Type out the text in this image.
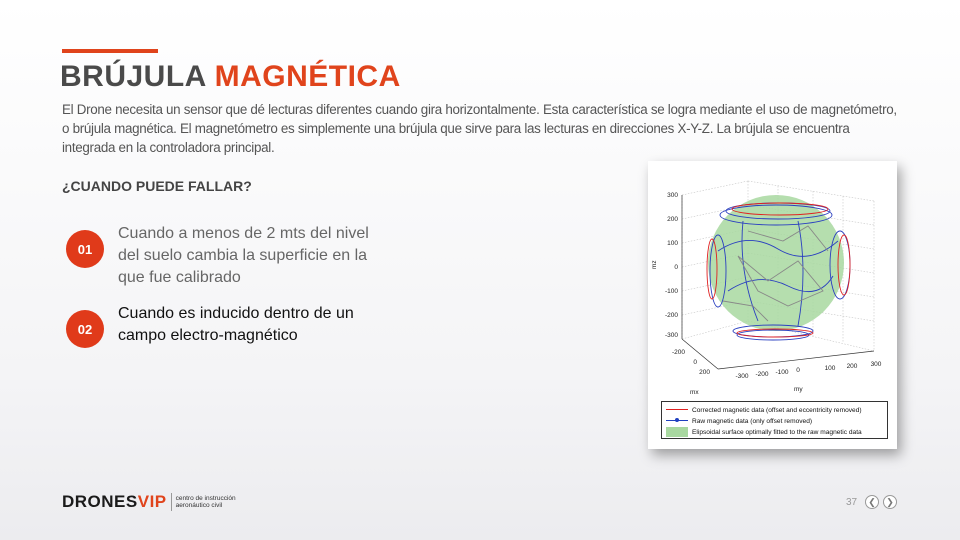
BRÚJULA MAGNÉTICA

El Drone necesita un sensor que dé lecturas diferentes cuando gira horizontalmente. Esta característica se logra mediante el uso de magnetómetro, o brújula magnética. El magnetómetro es simplemente una brújula que sirve para las lecturas en direcciones X-Y-Z. La brújula se encuentra integrada en la controladora principal.

¿CUANDO PUEDE FALLAR?
01
Cuando a menos de 2 mts del nivel del suelo cambia la superficie en la que fue calibrado
02
Cuando es inducido dentro de un campo electro-magnético
300
200
100
0
-100
-200
-300
mz
-200
0
200
mx
-300 -200 -100 0	100 200 300
my
Corrected magnetic data (offset and eccentricity removed)
Raw magnetic data (only offset removed)
Elipsoidal surface optimally fitted to the raw magnetic data
DRONES VIP centro de instrucción
aeronáutico civil	37 ❮ ❯
